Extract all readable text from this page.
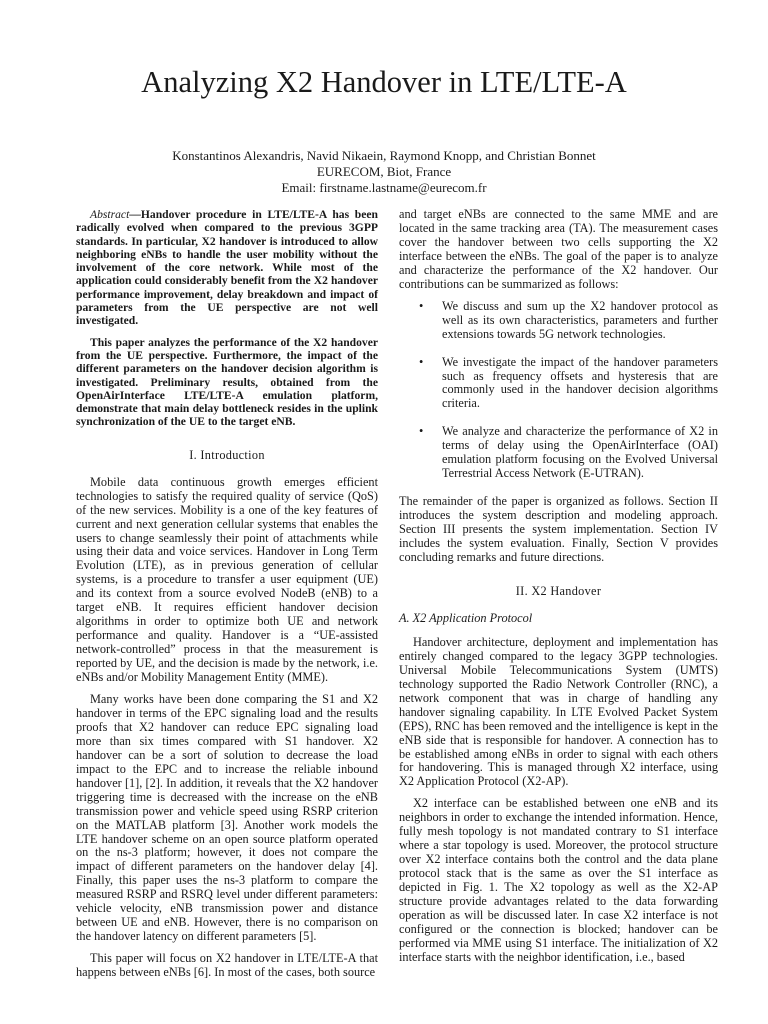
Analyzing X2 Handover in LTE/LTE-A
Konstantinos Alexandris, Navid Nikaein, Raymond Knopp, and Christian Bonnet
EURECOM, Biot, France
Email: firstname.lastname@eurecom.fr

Abstract—Handover procedure in LTE/LTE-A has been radically evolved when compared to the previous 3GPP standards. In particular, X2 handover is introduced to allow neighboring eNBs to handle the user mobility without the involvement of the core network. While most of the application could considerably benefit from the X2 handover performance improvement, delay breakdown and impact of parameters from the UE perspective are not well investigated.

This paper analyzes the performance of the X2 handover from the UE perspective. Furthermore, the impact of the different parameters on the handover decision algorithm is investigated. Preliminary results, obtained from the OpenAirInterface LTE/LTE-A emulation platform, demonstrate that main delay bottleneck resides in the uplink synchronization of the UE to the target eNB.

I. Introduction

Mobile data continuous growth emerges efficient technologies to satisfy the required quality of service (QoS) of the new services. Mobility is a one of the key features of current and next generation cellular systems that enables the users to change seamlessly their point of attachments while using their data and voice services. Handover in Long Term Evolution (LTE), as in previous generation of cellular systems, is a procedure to transfer a user equipment (UE) and its context from a source evolved NodeB (eNB) to a target eNB. It requires efficient handover decision algorithms in order to optimize both UE and network performance and quality. Handover is a “UE-assisted network-controlled” process in that the measurement is reported by UE, and the decision is made by the network, i.e. eNBs and/or Mobility Management Entity (MME).

Many works have been done comparing the S1 and X2 handover in terms of the EPC signaling load and the results proofs that X2 handover can reduce EPC signaling load more than six times compared with S1 handover. X2 handover can be a sort of solution to decrease the load impact to the EPC and to increase the reliable inbound handover [1], [2]. In addition, it reveals that the X2 handover triggering time is decreased with the increase on the eNB transmission power and vehicle speed using RSRP criterion on the MATLAB platform [3]. Another work models the LTE handover scheme on an open source platform operated on the ns-3 platform; however, it does not compare the impact of different parameters on the handover delay [4]. Finally, this paper uses the ns-3 platform to compare the measured RSRP and RSRQ level under different parameters: vehicle velocity, eNB transmission power and distance between UE and eNB. However, there is no comparison on the handover latency on different parameters [5].

This paper will focus on X2 handover in LTE/LTE-A that happens between eNBs [6]. In most of the cases, both source

and target eNBs are connected to the same MME and are located in the same tracking area (TA). The measurement cases cover the handover between two cells supporting the X2 interface between the eNBs. The goal of the paper is to analyze and characterize the performance of the X2 handover. Our contributions can be summarized as follows:

• We discuss and sum up the X2 handover protocol as well as its own characteristics, parameters and further extensions towards 5G network technologies.
• We investigate the impact of the handover parameters such as frequency offsets and hysteresis that are commonly used in the handover decision algorithms criteria.
• We analyze and characterize the performance of X2 in terms of delay using the OpenAirInterface (OAI) emulation platform focusing on the Evolved Universal Terrestrial Access Network (E-UTRAN).

The remainder of the paper is organized as follows. Section II introduces the system description and modeling approach. Section III presents the system implementation. Section IV includes the system evaluation. Finally, Section V provides concluding remarks and future directions.

II. X2 Handover
A. X2 Application Protocol

Handover architecture, deployment and implementation has entirely changed compared to the legacy 3GPP technologies. Universal Mobile Telecommunications System (UMTS) technology supported the Radio Network Controller (RNC), a network component that was in charge of handling any handover signaling capability. In LTE Evolved Packet System (EPS), RNC has been removed and the intelligence is kept in the eNB side that is responsible for handover. A connection has to be established among eNBs in order to signal with each others for handovering. This is managed through X2 interface, using X2 Application Protocol (X2-AP).

X2 interface can be established between one eNB and its neighbors in order to exchange the intended information. Hence, fully mesh topology is not mandated contrary to S1 interface where a star topology is used. Moreover, the protocol structure over X2 interface contains both the control and the data plane protocol stack that is the same as over the S1 interface as depicted in Fig. 1. The X2 topology as well as the X2-AP structure provide advantages related to the data forwarding operation as will be discussed later. In case X2 interface is not configured or the connection is blocked; handover can be performed via MME using S1 interface. The initialization of X2 interface starts with the neighbor identification, i.e., based
